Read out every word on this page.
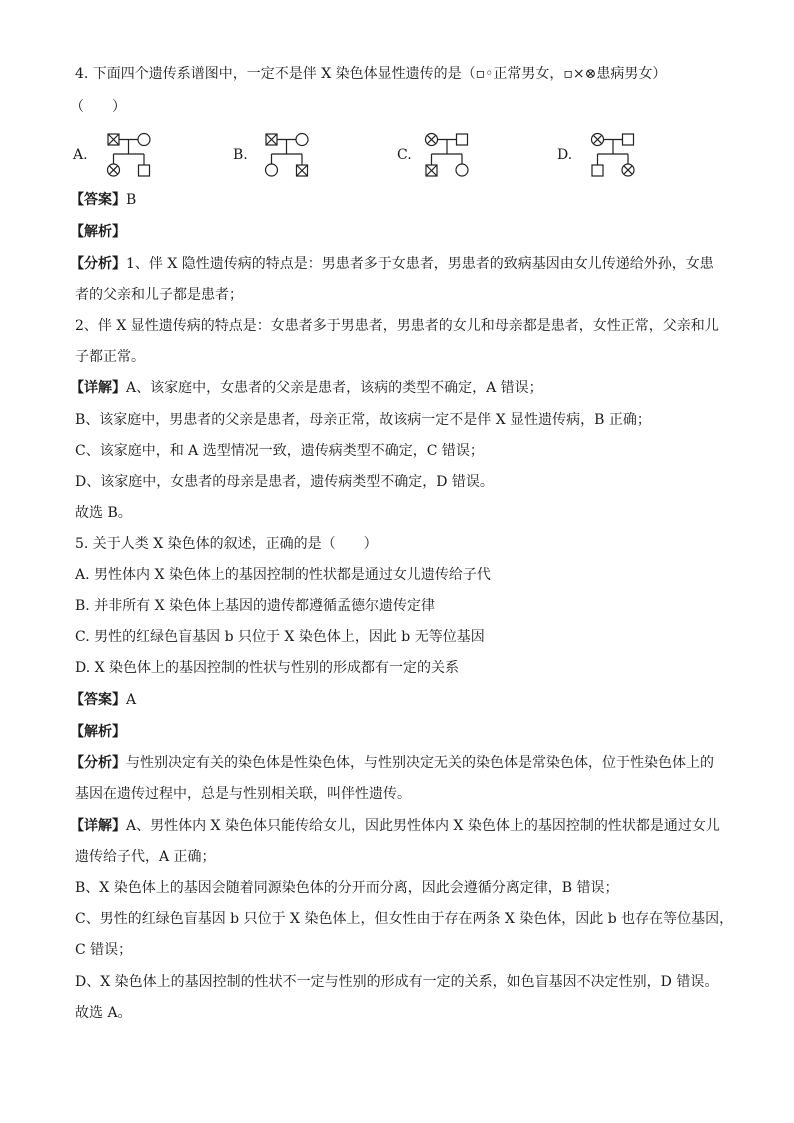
4. 下面四个遗传系谱图中，一定不是伴 X 染色体显性遗传的是（▫◦正常男女，▫×⊗患病男女）
（　　）
A.	B.	C.	D.
【答案】B
【解析】
【分析】1、伴 X 隐性遗传病的特点是：男患者多于女患者，男患者的致病基因由女儿传递给外孙，女患
者的父亲和儿子都是患者；
2、伴 X 显性遗传病的特点是：女患者多于男患者，男患者的女儿和母亲都是患者，女性正常，父亲和儿
子都正常。
【详解】A、该家庭中，女患者的父亲是患者，该病的类型不确定，A 错误；
B、该家庭中，男患者的父亲是患者，母亲正常，故该病一定不是伴 X 显性遗传病，B 正确；
C、该家庭中，和 A 选型情况一致，遗传病类型不确定，C 错误；
D、该家庭中，女患者的母亲是患者，遗传病类型不确定，D 错误。
故选 B。
5. 关于人类 X 染色体的叙述，正确的是（　　）
A. 男性体内 X 染色体上的基因控制的性状都是通过女儿遗传给子代
B. 并非所有 X 染色体上基因的遗传都遵循孟德尔遗传定律
C. 男性的红绿色盲基因 b 只位于 X 染色体上，因此 b 无等位基因
D. X 染色体上的基因控制的性状与性别的形成都有一定的关系
【答案】A
【解析】
【分析】与性别决定有关的染色体是性染色体，与性别决定无关的染色体是常染色体，位于性染色体上的
基因在遗传过程中，总是与性别相关联，叫伴性遗传。
【详解】A、男性体内 X 染色体只能传给女儿，因此男性体内 X 染色体上的基因控制的性状都是通过女儿
遗传给子代，A 正确；
B、X 染色体上的基因会随着同源染色体的分开而分离，因此会遵循分离定律，B 错误；
C、男性的红绿色盲基因 b 只位于 X 染色体上，但女性由于存在两条 X 染色体，因此 b 也存在等位基因，
C 错误；
D、X 染色体上的基因控制的性状不一定与性别的形成有一定的关系，如色盲基因不决定性别，D 错误。
故选 A。
